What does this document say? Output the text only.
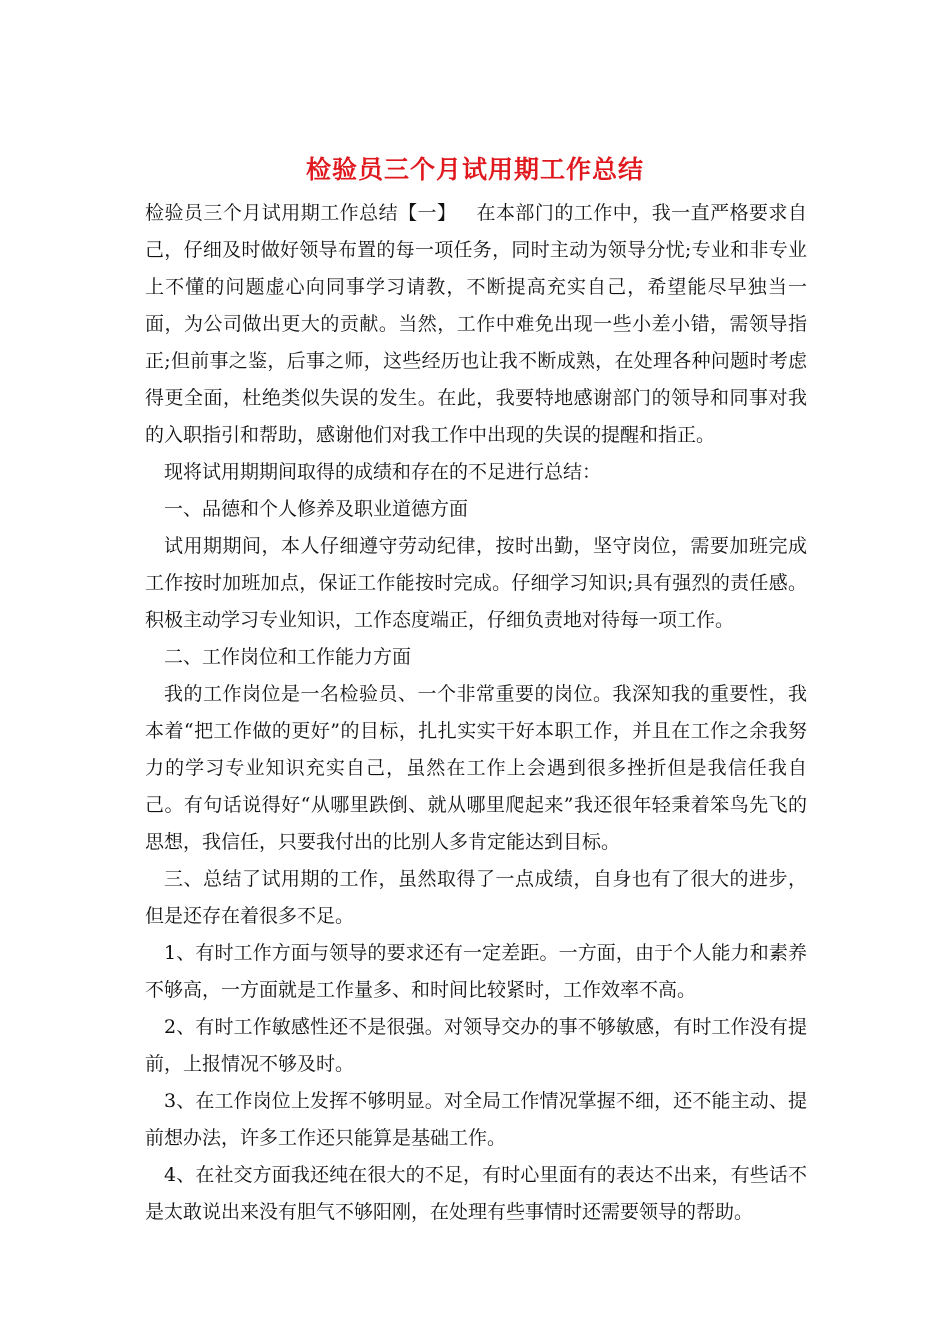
检验员三个月试用期工作总结

检验员三个月试用期工作总结【一】 在本部门的工作中，我一直严格要求自己，仔细及时做好领导布置的每一项任务，同时主动为领导分忧;专业和非专业上不懂的问题虚心向同事学习请教，不断提高充实自己，希望能尽早独当一面，为公司做出更大的贡献。当然，工作中难免出现一些小差小错，需领导指正;但前事之鉴，后事之师，这些经历也让我不断成熟，在处理各种问题时考虑得更全面，杜绝类似失误的发生。在此，我要特地感谢部门的领导和同事对我的入职指引和帮助，感谢他们对我工作中出现的失误的提醒和指正。

现将试用期期间取得的成绩和存在的不足进行总结：

一、品德和个人修养及职业道德方面

试用期期间，本人仔细遵守劳动纪律，按时出勤，坚守岗位，需要加班完成工作按时加班加点，保证工作能按时完成。仔细学习知识;具有强烈的责任感。积极主动学习专业知识，工作态度端正，仔细负责地对待每一项工作。

二、工作岗位和工作能力方面

我的工作岗位是一名检验员、一个非常重要的岗位。我深知我的重要性，我本着“把工作做的更好”的目标，扎扎实实干好本职工作，并且在工作之余我努力的学习专业知识充实自己，虽然在工作上会遇到很多挫折但是我信任我自己。有句话说得好“从哪里跌倒、就从哪里爬起来”我还很年轻秉着笨鸟先飞的思想，我信任，只要我付出的比别人多肯定能达到目标。

三、总结了试用期的工作，虽然取得了一点成绩，自身也有了很大的进步，但是还存在着很多不足。

1、有时工作方面与领导的要求还有一定差距。一方面，由于个人能力和素养不够高，一方面就是工作量多、和时间比较紧时，工作效率不高。

2、有时工作敏感性还不是很强。对领导交办的事不够敏感，有时工作没有提前，上报情况不够及时。

3、在工作岗位上发挥不够明显。对全局工作情况掌握不细，还不能主动、提前想办法，许多工作还只能算是基础工作。

4、在社交方面我还纯在很大的不足，有时心里面有的表达不出来，有些话不是太敢说出来没有胆气不够阳刚，在处理有些事情时还需要领导的帮助。
